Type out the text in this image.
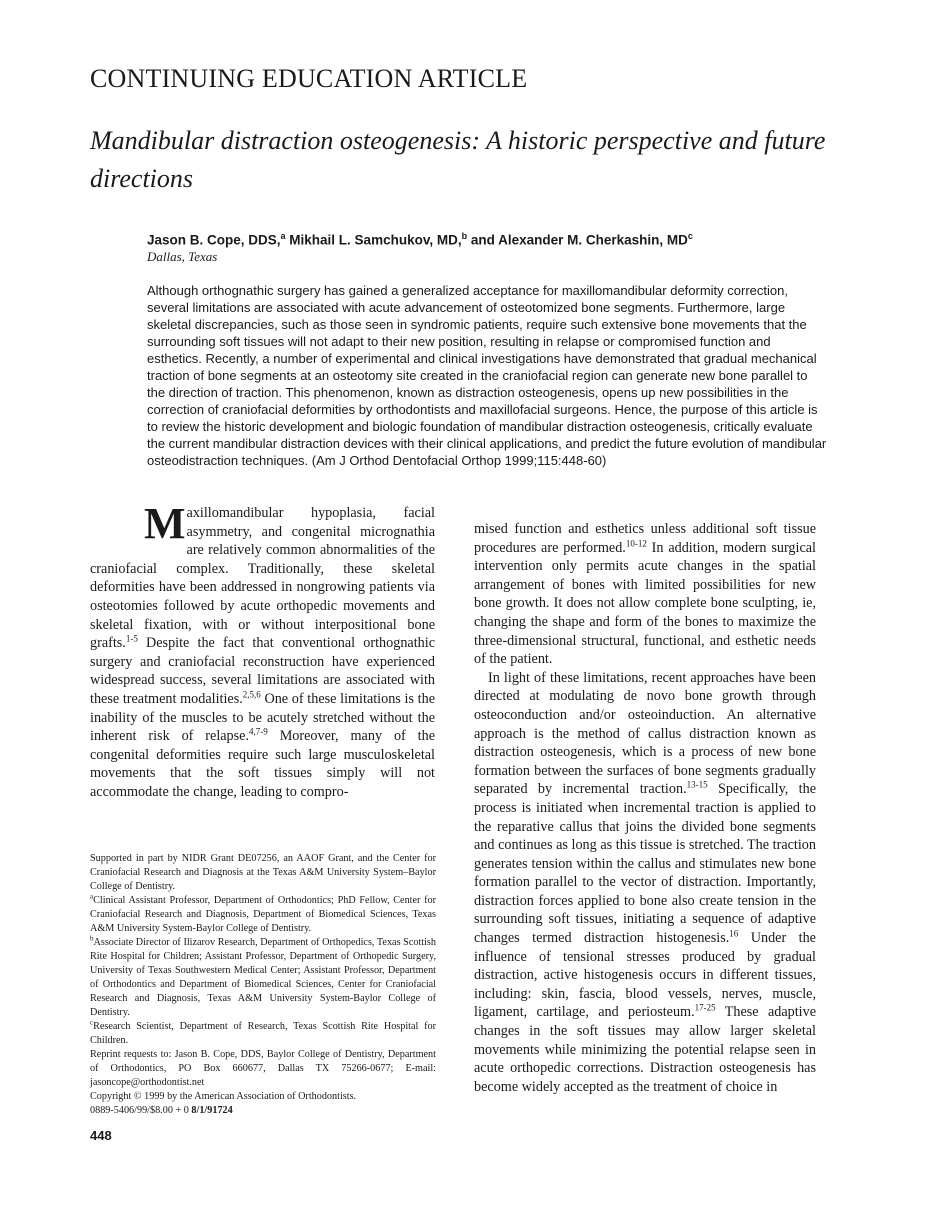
CONTINUING EDUCATION ARTICLE
Mandibular distraction osteogenesis: A historic perspective and future directions

Jason B. Cope, DDS,$^a$ Mikhail L. Samchukov, MD,$^b$ and Alexander M. Cherkashin, $MD^c$

Dallas, Texas

Although orthognathic surgery has gained a generalized acceptance for maxillomandibular deformity correction, several limitations are associated with acute advancement of osteotomized bone segments. Furthermore, large skeletal discrepancies, such as those seen in syndromic patients, require such extensive bone movements that the surrounding soft tissues will not adapt to their new position, resulting in relapse or compromised function and esthetics. Recently, a number of experimental and clinical investigations have demonstrated that gradual mechanical traction of bone segments at an osteotomy site created in the craniofacial region can generate new bone parallel to the direction of traction. This phenomenon, known as distraction osteogenesis, opens up new possibilities in the correction of craniofacial deformities by orthodontists and maxillofacial surgeons. Hence, the purpose of this article is to review the historic development and biologic foundation of mandibular distraction osteogenesis, critically evaluate the current mandibular distraction devices with their clinical applications, and predict the future evolution of mandibular osteodistraction techniques. (Am J Orthod Dentofacial Orthop 1999;115:448-60)

Maxillomandibular hypoplasia, facial asymmetry, and congenital micrognathia are relatively common abnormalities of the craniofacial complex. Traditionally, these skeletal deformities have been addressed in nongrowing patients via osteotomies followed by acute orthopedic movements and skeletal fixation, with or without interpositional bone grafts.$^{1-5}$ Despite the fact that conventional orthognathic surgery and craniofacial reconstruction have experienced widespread success, several limitations are associated with these treatment modalities.$^{2,5,6}$ One of these limitations is the inability of the muscles to be acutely stretched without the inherent risk of relapse.$^{4,7-9}$ Moreover, many of the congenital deformities require such large musculoskeletal movements that the soft tissues simply will not accommodate the change, leading to compro-

mised function and esthetics unless additional soft tissue procedures are performed.$^{10-12}$ In addition, modern surgical intervention only permits acute changes in the spatial arrangement of bones with limited possibilities for new bone growth. It does not allow complete bone sculpting, ie, changing the shape and form of the bones to maximize the three-dimensional structural, functional, and esthetic needs of the patient.

In light of these limitations, recent approaches have been directed at modulating de novo bone growth through osteoconduction and/or osteoinduction. An alternative approach is the method of callus distraction known as distraction osteogenesis, which is a process of new bone formation between the surfaces of bone segments gradually separated by incremental traction.$^{13-15}$ Specifically, the process is initiated when incremental traction is applied to the reparative callus that joins the divided bone segments and continues as long as this tissue is stretched. The traction generates tension within the callus and stimulates new bone formation parallel to the vector of distraction. Importantly, distraction forces applied to bone also create tension in the surrounding soft tissues, initiating a sequence of adaptive changes termed distraction histogenesis.$^{16}$ Under the influence of tensional stresses produced by gradual distraction, active histogenesis occurs in different tissues, including: skin, fascia, blood vessels, nerves, muscle, ligament, cartilage, and periosteum.$^{17-25}$ These adaptive changes in the soft tissues may allow larger skeletal movements while minimizing the potential relapse seen in acute orthopedic corrections. Distraction osteogenesis has become widely accepted as the treatment of choice in

Supported in part by NIDR Grant DE07256, an AAOF Grant, and the Center for Craniofacial Research and Diagnosis at the Texas A&M University System–Baylor College of Dentistry.

$^a$Clinical Assistant Professor, Department of Orthodontics; PhD Fellow, Center for Craniofacial Research and Diagnosis, Department of Biomedical Sciences, Texas A&M University System-Baylor College of Dentistry.

$^b$Associate Director of Ilizarov Research, Department of Orthopedics, Texas Scottish Rite Hospital for Children; Assistant Professor, Department of Orthopedic Surgery, University of Texas Southwestern Medical Center; Assistant Professor, Department of Orthodontics and Department of Biomedical Sciences, Center for Craniofacial Research and Diagnosis, Texas A&M University System-Baylor College of Dentistry.

$^c$Research Scientist, Department of Research, Texas Scottish Rite Hospital for Children.

Reprint requests to: Jason B. Cope, DDS, Baylor College of Dentistry, Department of Orthodontics, PO Box 660677, Dallas TX 75266-0677; E-mail: jasoncope@orthodontist.net

Copyright © 1999 by the American Association of Orthodontists.

0889-5406/99/$8.00 + 0 8/1/91724

448
